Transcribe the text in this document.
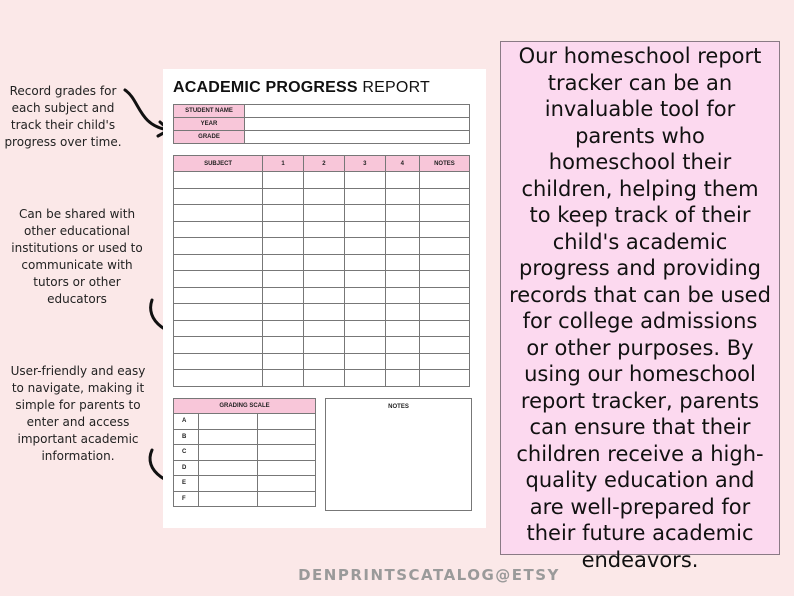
Record grades for each subject and track their child's progress over time.
Can be shared with other educational institutions or used to communicate with tutors or other educators
User-friendly and easy to navigate, making it simple for parents to enter and access important academic information.
ACADEMIC PROGRESS REPORT
STUDENT NAME	
YEAR	
GRADE	
SUBJECT	1	2	3	4	NOTES

GRADING SCALE		
A		
B		
C		
D		
E		
F		
NOTES

Our homeschool report tracker can be an invaluable tool for parents who homeschool their children, helping them to keep track of their child's academic progress and providing records that can be used for college admissions or other purposes. By using our homeschool report tracker, parents can ensure that their children receive a high-quality education and are well-prepared for their future academic endeavors.

DENPRINTSCATALOG@ETSY
